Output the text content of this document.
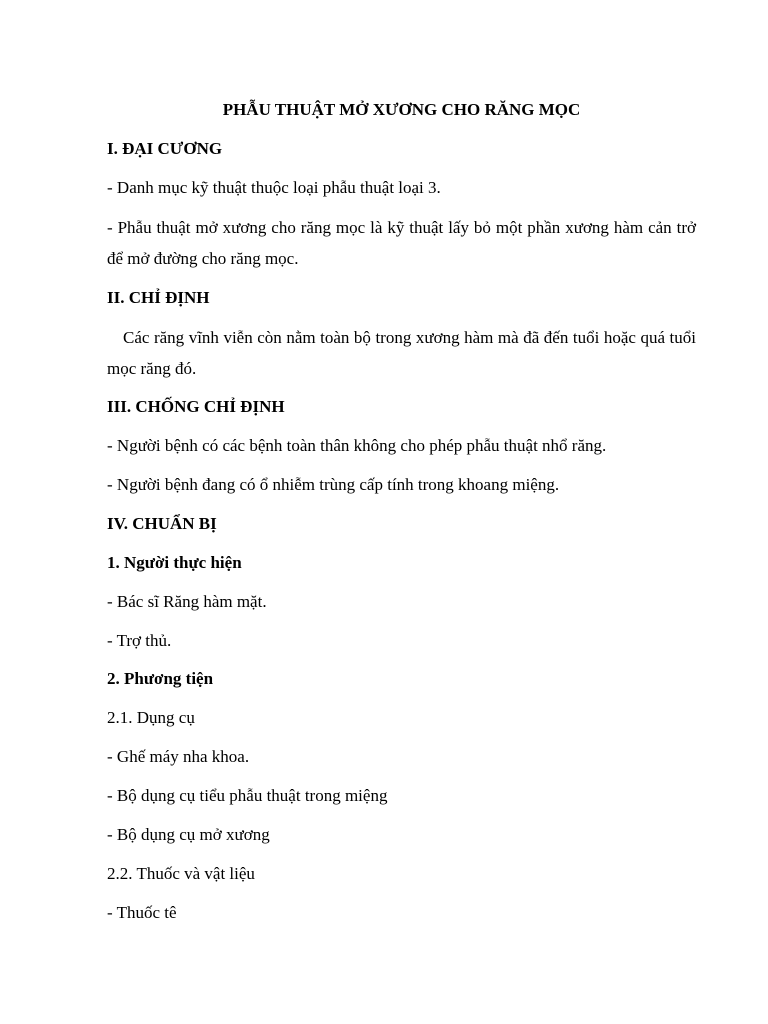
PHẪU THUẬT MỞ XƯƠNG CHO RĂNG MỌC
I. ĐẠI CƯƠNG
- Danh mục kỹ thuật thuộc loại phẫu thuật loại 3.
- Phẫu thuật mở xương cho răng mọc là kỹ thuật lấy bỏ một phần xương hàm cản trở để mở đường cho răng mọc.
II. CHỈ ĐỊNH
Các răng vĩnh viễn còn nằm toàn bộ trong xương hàm mà đã đến tuổi hoặc quá tuổi mọc răng đó.
III. CHỐNG CHỈ ĐỊNH
- Người bệnh có các bệnh toàn thân không cho phép phẫu thuật nhổ răng.
- Người bệnh đang có ổ nhiễm trùng cấp tính trong khoang miệng.
IV. CHUẨN BỊ
1. Người thực hiện
- Bác sĩ Răng hàm mặt.
- Trợ thủ.
2. Phương tiện
2.1. Dụng cụ
- Ghế máy nha khoa.
- Bộ dụng cụ tiểu phẫu thuật trong miệng
- Bộ dụng cụ mở xương
2.2. Thuốc và vật liệu
- Thuốc tê
